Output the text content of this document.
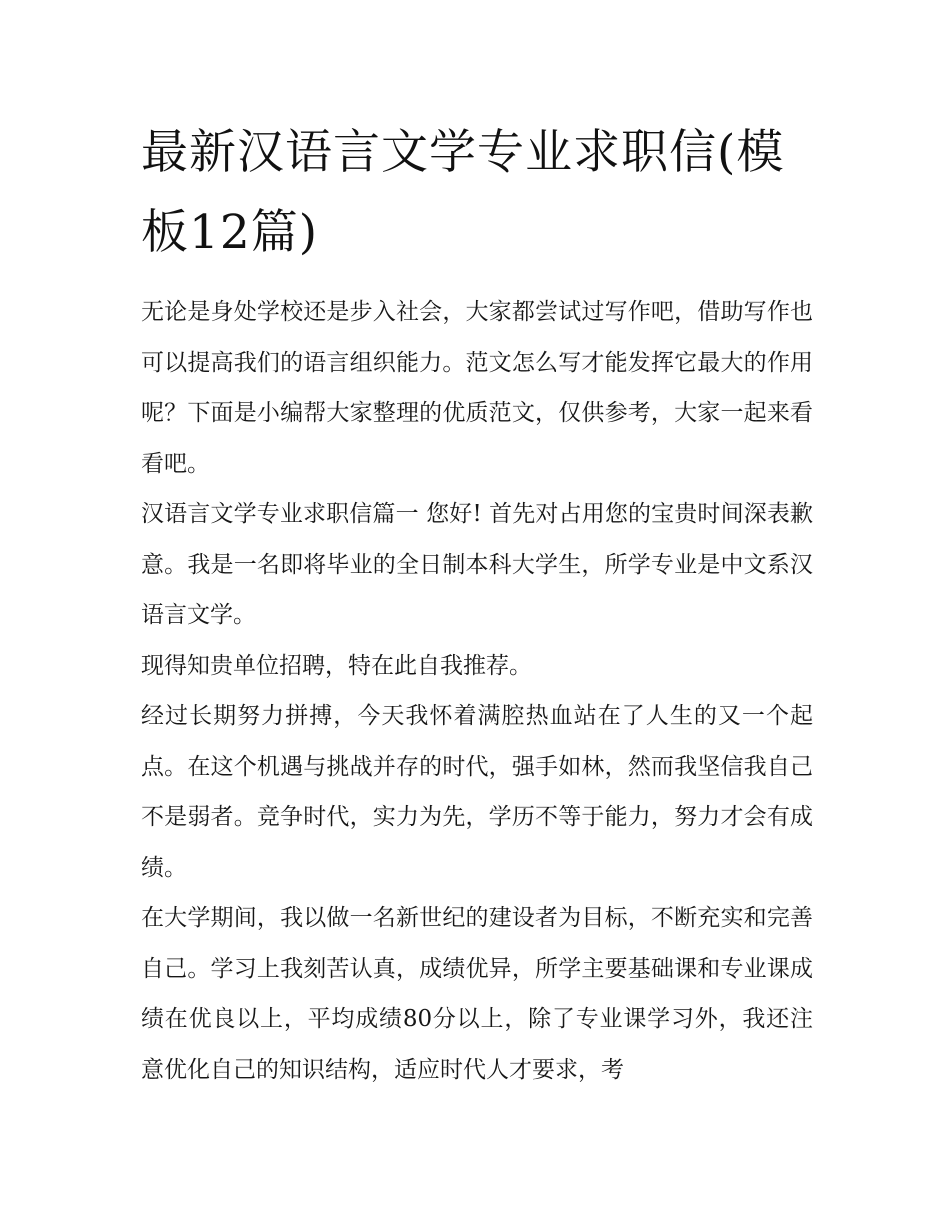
最新汉语言文学专业求职信(模板12篇)

无论是身处学校还是步入社会，大家都尝试过写作吧，借助写作也可以提高我们的语言组织能力。范文怎么写才能发挥它最大的作用呢？下面是小编帮大家整理的优质范文，仅供参考，大家一起来看看吧。

汉语言文学专业求职信篇一 您好! 首先对占用您的宝贵时间深表歉意。我是一名即将毕业的全日制本科大学生，所学专业是中文系汉语言文学。

现得知贵单位招聘，特在此自我推荐。

经过长期努力拼搏，今天我怀着满腔热血站在了人生的又一个起点。在这个机遇与挑战并存的时代，强手如林，然而我坚信我自己不是弱者。竞争时代，实力为先，学历不等于能力，努力才会有成绩。

在大学期间，我以做一名新世纪的建设者为目标，不断充实和完善自己。学习上我刻苦认真，成绩优异，所学主要基础课和专业课成绩在优良以上，平均成绩80分以上，除了专业课学习外，我还注意优化自己的知识结构，适应时代人才要求，考
